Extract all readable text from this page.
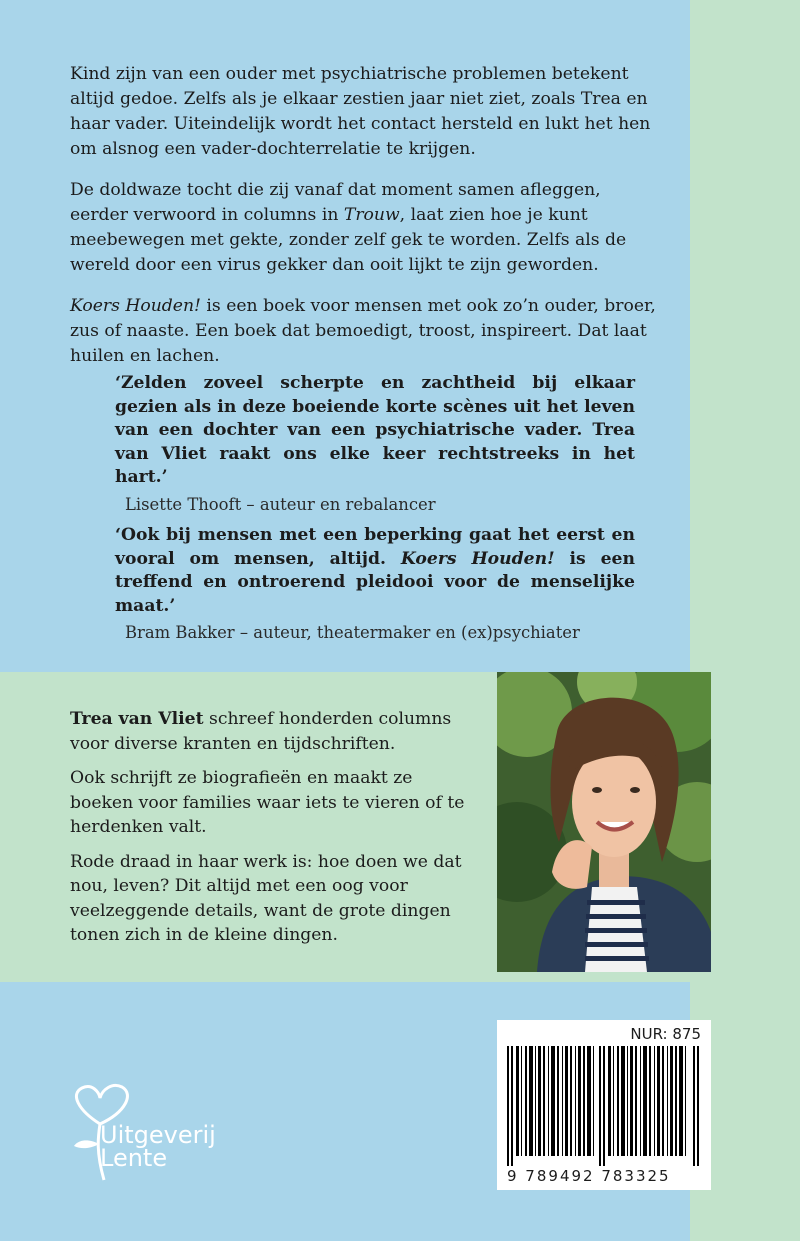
Kind zijn van een ouder met psychiatrische problemen betekent altijd gedoe. Zelfs als je elkaar zestien jaar niet ziet, zoals Trea en haar vader. Uiteindelijk wordt het contact hersteld en lukt het hen om alsnog een vader-dochterrelatie te krijgen.

De doldwaze tocht die zij vanaf dat moment samen afleggen, eerder verwoord in columns in Trouw, laat zien hoe je kunt meebewegen met gekte, zonder zelf gek te worden. Zelfs als de wereld door een virus gekker dan ooit lijkt te zijn geworden.

Koers Houden! is een boek voor mensen met ook zo’n ouder, broer, zus of naaste. Een boek dat bemoedigt, troost, inspireert. Dat laat huilen en lachen.

‘Zelden zoveel scherpte en zachtheid bij elkaar gezien als in deze boeiende korte scènes uit het leven van een dochter van een psychiatrische vader. Trea van Vliet raakt ons elke keer rechtstreeks in het hart.’

Lisette Thooft – auteur en rebalancer

‘Ook bij mensen met een beperking gaat het eerst en vooral om mensen, altijd. Koers Houden! is een treffend en ontroerend pleidooi voor de menselijke maat.’

Bram Bakker – auteur, theatermaker en (ex)psychiater

Trea van Vliet schreef honderden columns voor diverse kranten en tijdschriften.

Ook schrijft ze biografieën en maakt ze boeken voor families waar iets te vieren of te herdenken valt.

Rode draad in haar werk is: hoe doen we dat nou, leven? Dit altijd met een oog voor veelzeggende details, want de grote dingen tonen zich in de kleine dingen.

NUR: 875
9 789492 783325
Uitgeverij
Lente
